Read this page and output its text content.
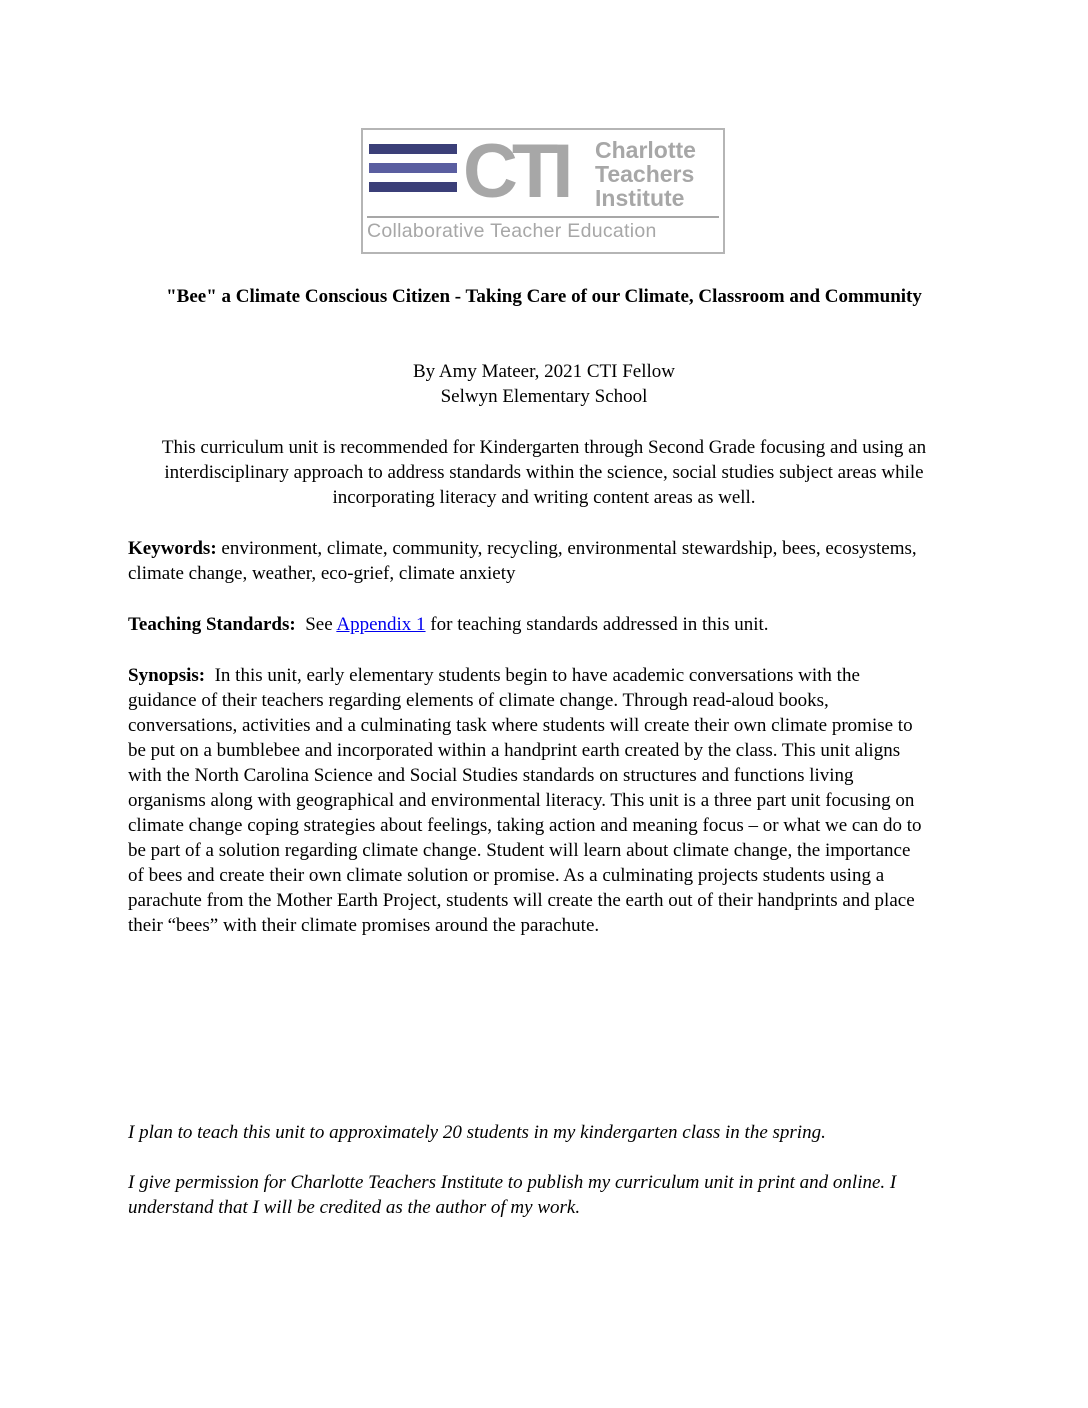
CTI Charlotte
Teachers
Institute
Collaborative Teacher Education
"Bee" a Climate Conscious Citizen - Taking Care of our Climate, Classroom and Community
By Amy Mateer, 2021 CTI Fellow
Selwyn Elementary School
This curriculum unit is recommended for Kindergarten through Second Grade focusing and using an interdisciplinary approach to address standards within the science, social studies subject areas while incorporating literacy and writing content areas as well.
Keywords: environment, climate, community, recycling, environmental stewardship, bees, ecosystems, climate change, weather, eco-grief, climate anxiety
Teaching Standards: See Appendix 1 for teaching standards addressed in this unit.
Synopsis: In this unit, early elementary students begin to have academic conversations with the guidance of their teachers regarding elements of climate change. Through read-aloud books, conversations, activities and a culminating task where students will create their own climate promise to be put on a bumblebee and incorporated within a handprint earth created by the class. This unit aligns with the North Carolina Science and Social Studies standards on structures and functions living organisms along with geographical and environmental literacy. This unit is a three part unit focusing on climate change coping strategies about feelings, taking action and meaning focus – or what we can do to be part of a solution regarding climate change. Student will learn about climate change, the importance of bees and create their own climate solution or promise. As a culminating projects students using a parachute from the Mother Earth Project, students will create the earth out of their handprints and place their “bees” with their climate promises around the parachute.
I plan to teach this unit to approximately 20 students in my kindergarten class in the spring.
I give permission for Charlotte Teachers Institute to publish my curriculum unit in print and online. I understand that I will be credited as the author of my work.
